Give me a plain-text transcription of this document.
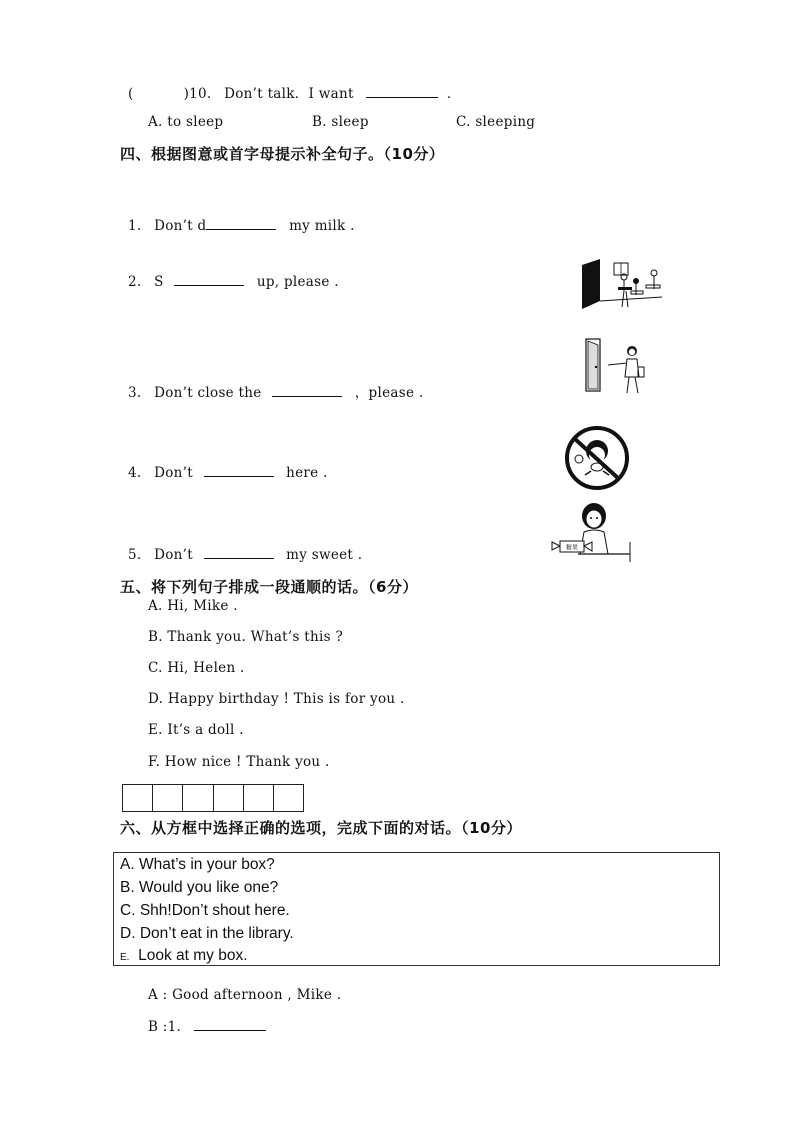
(	)10. Don’t talk．I want	．
A. to sleep	B. sleep	C. sleeping
四、根据图意或首字母提示补全句子。（10分）
1. Don’t d	my milk .
2. S	up, please .
3. Don’t close the	，please .
4. Don’t	here .
5. Don’t	my sweet .	糖果
五、将下列句子排成一段通顺的话。（6分）
A. Hi, Mike .
B. Thank you. What’s this ?
C. Hi, Helen .
D. Happy birthday ! This is for you .
E. It’s a doll .
F. How nice ! Thank you .
六、从方框中选择正确的选项，完成下面的对话。（10分）
A. What’s in your box?
B. Would you like one?
C. Shh!Don’t shout here.
D. Don’t eat in the library.
E. Look at my box.
A : Good afternoon , Mike .
B :1.
